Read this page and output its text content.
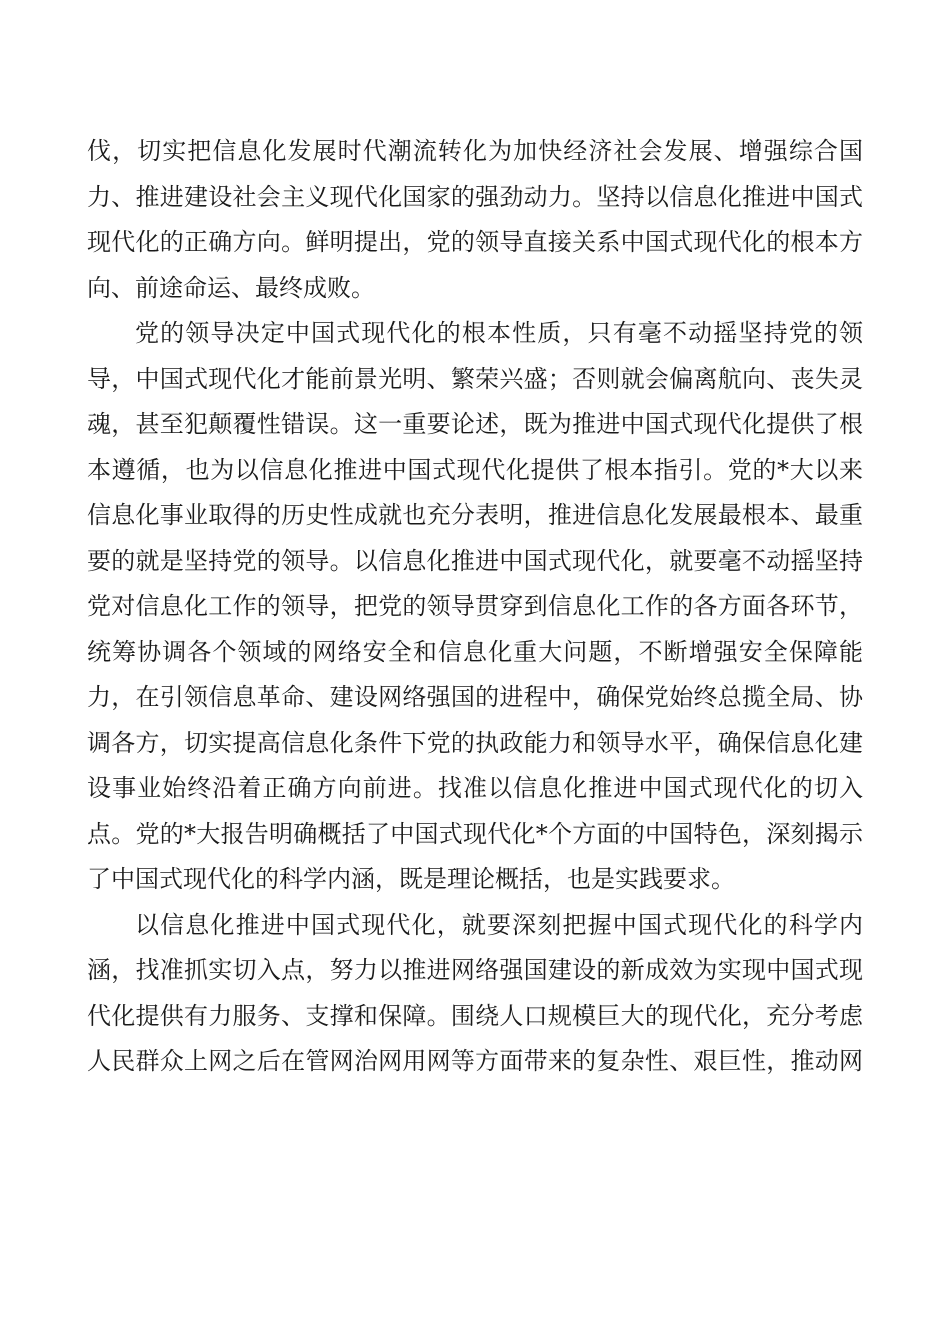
伐，切实把信息化发展时代潮流转化为加快经济社会发展、增强综合国
力、推进建设社会主义现代化国家的强劲动力。坚持以信息化推进中国式
现代化的正确方向。鲜明提出，党的领导直接关系中国式现代化的根本方
向、前途命运、最终成败。
党的领导决定中国式现代化的根本性质，只有毫不动摇坚持党的领
导，中国式现代化才能前景光明、繁荣兴盛；否则就会偏离航向、丧失灵
魂，甚至犯颠覆性错误。这一重要论述，既为推进中国式现代化提供了根
本遵循，也为以信息化推进中国式现代化提供了根本指引。党的*大以来
信息化事业取得的历史性成就也充分表明，推进信息化发展最根本、最重
要的就是坚持党的领导。以信息化推进中国式现代化，就要毫不动摇坚持
党对信息化工作的领导，把党的领导贯穿到信息化工作的各方面各环节，
统筹协调各个领域的网络安全和信息化重大问题，不断增强安全保障能
力，在引领信息革命、建设网络强国的进程中，确保党始终总揽全局、协
调各方，切实提高信息化条件下党的执政能力和领导水平，确保信息化建
设事业始终沿着正确方向前进。找准以信息化推进中国式现代化的切入
点。党的*大报告明确概括了中国式现代化*个方面的中国特色，深刻揭示
了中国式现代化的科学内涵，既是理论概括，也是实践要求。
以信息化推进中国式现代化，就要深刻把握中国式现代化的科学内
涵，找准抓实切入点，努力以推进网络强国建设的新成效为实现中国式现
代化提供有力服务、支撑和保障。围绕人口规模巨大的现代化，充分考虑
人民群众上网之后在管网治网用网等方面带来的复杂性、艰巨性，推动网
